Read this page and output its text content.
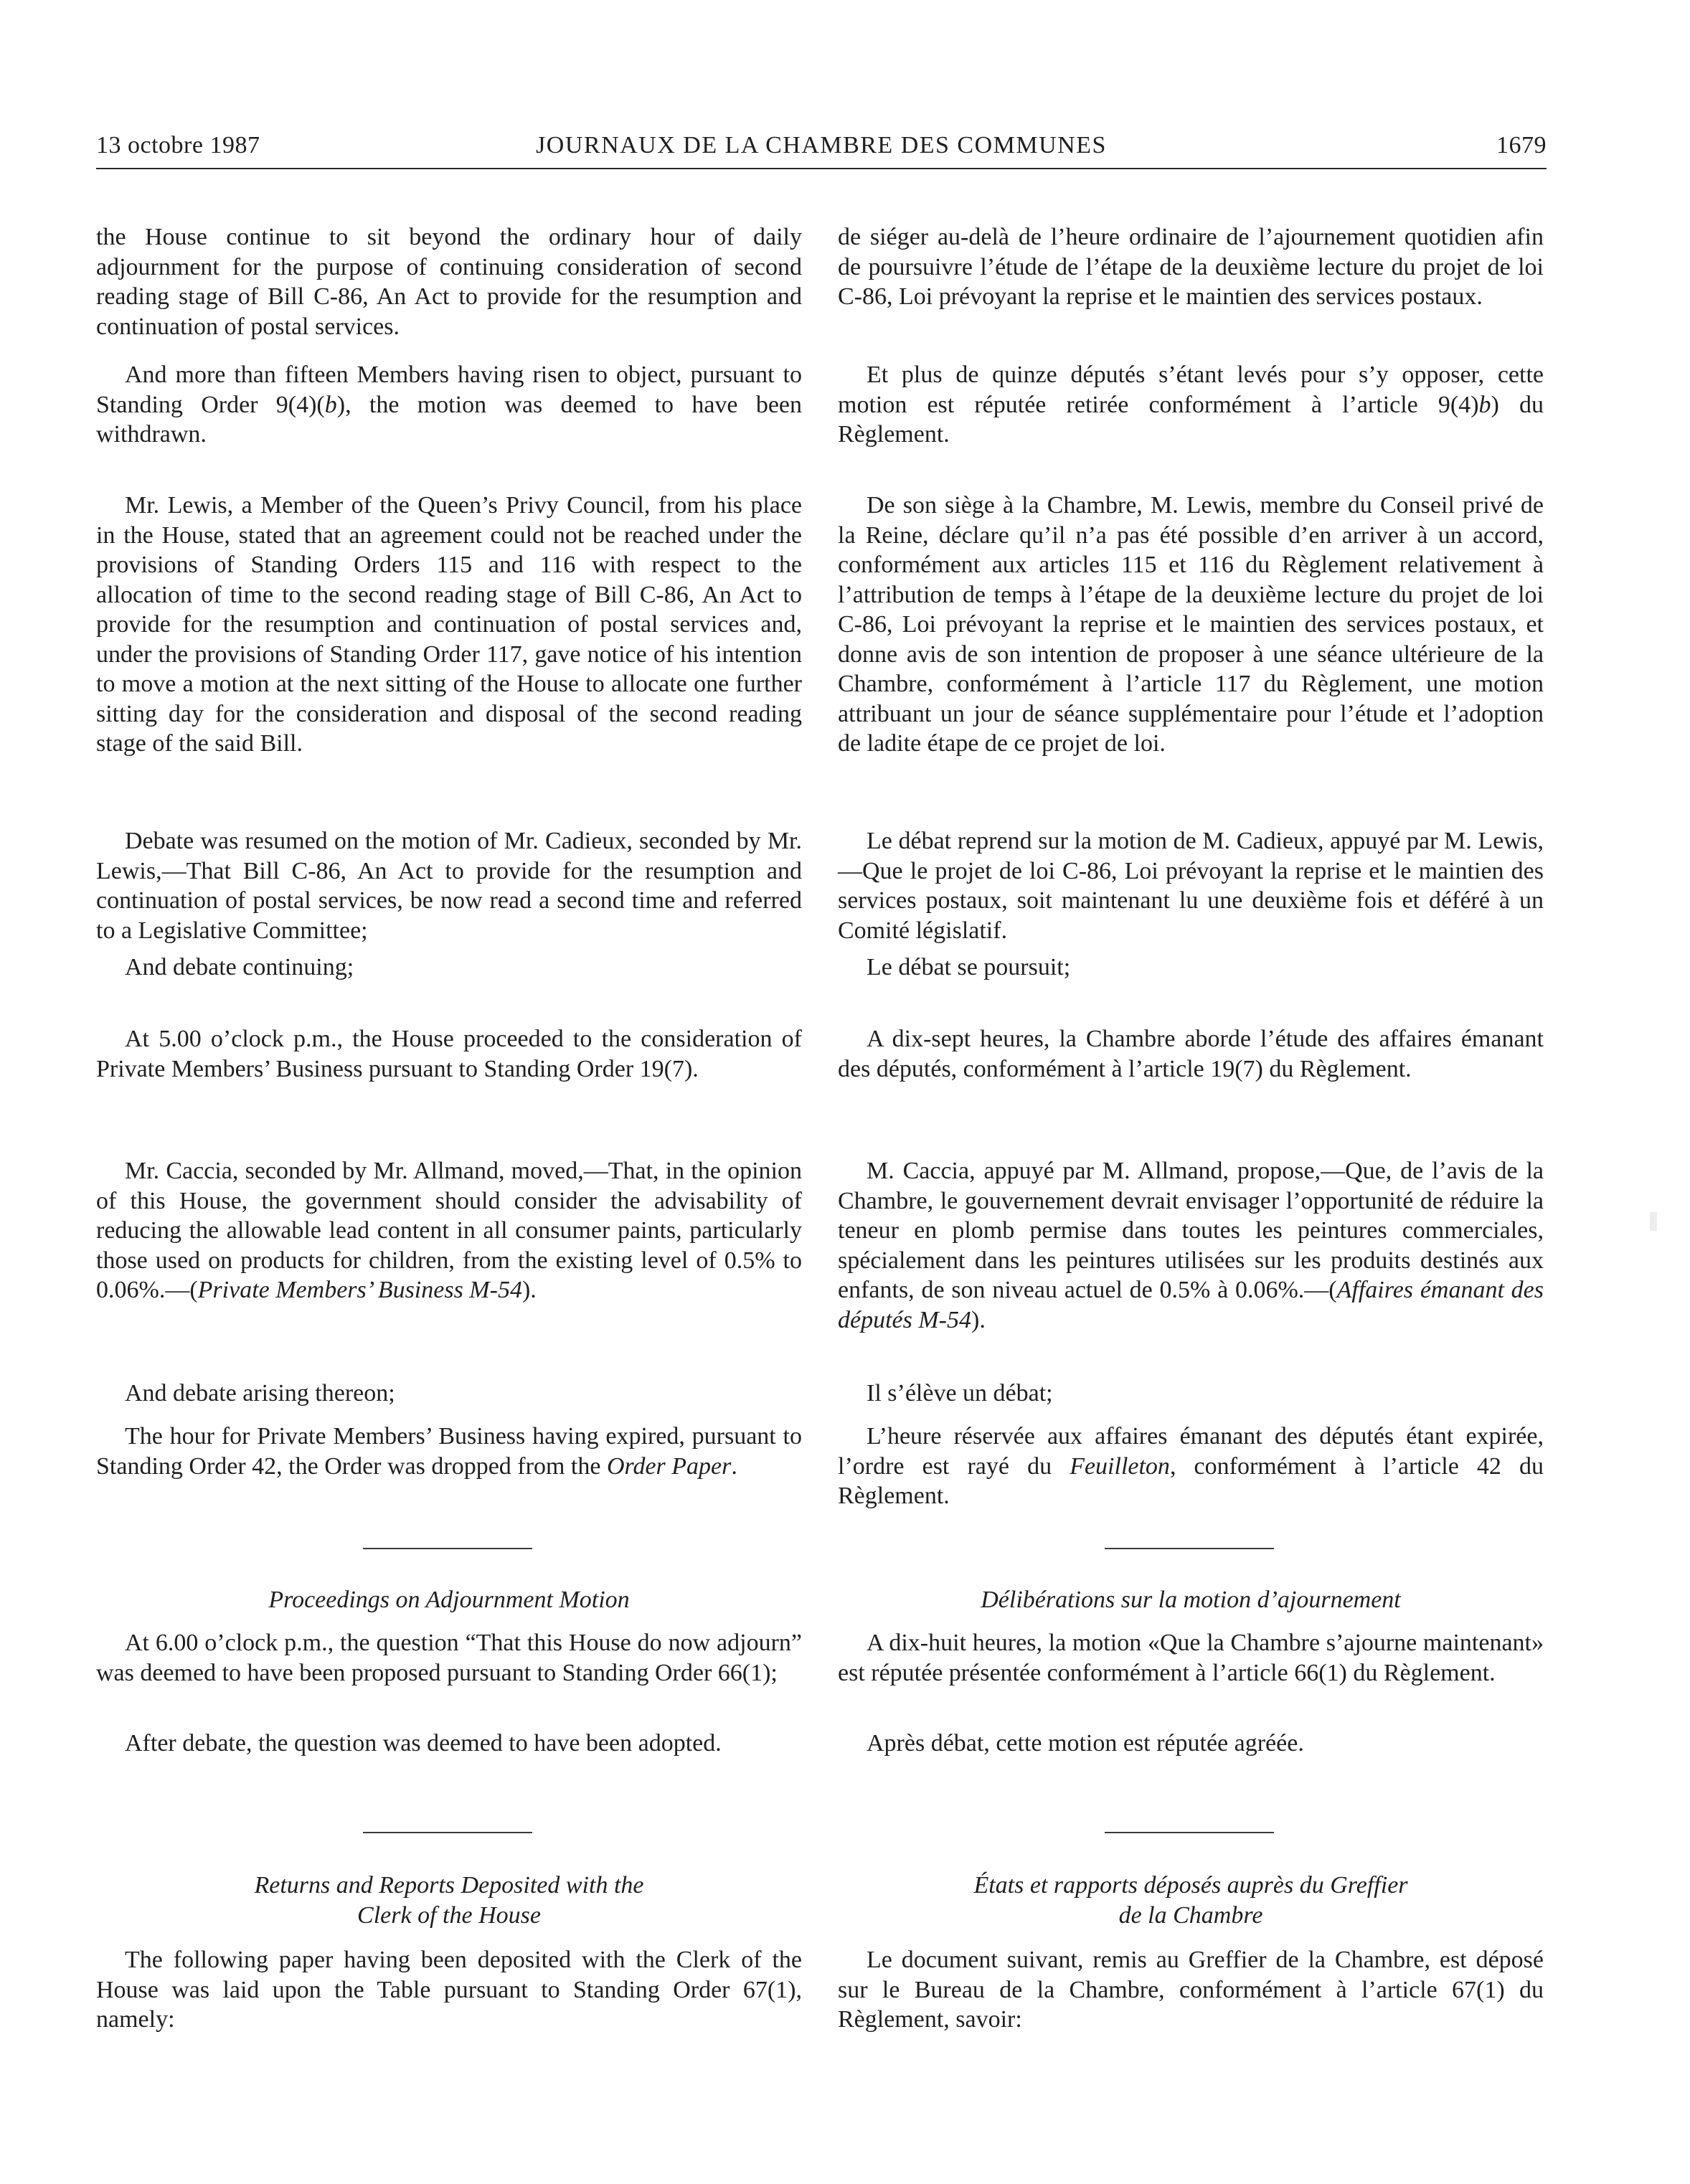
13 octobre 1987	JOURNAUX DE LA CHAMBRE DES COMMUNES	1679

the House continue to sit beyond the ordinary hour of daily adjournment for the purpose of continuing consideration of second reading stage of Bill C-86, An Act to provide for the resumption and continuation of postal services.

And more than fifteen Members having risen to object, pursuant to Standing Order 9(4)(b), the motion was deemed to have been withdrawn.

Mr. Lewis, a Member of the Queen’s Privy Council, from his place in the House, stated that an agreement could not be reached under the provisions of Standing Orders 115 and 116 with respect to the allocation of time to the second reading stage of Bill C-86, An Act to provide for the resumption and continuation of postal services and, under the provisions of Standing Order 117, gave notice of his intention to move a motion at the next sitting of the House to allocate one further sitting day for the consideration and disposal of the second reading stage of the said Bill.

Debate was resumed on the motion of Mr. Cadieux, seconded by Mr. Lewis,—That Bill C-86, An Act to provide for the resumption and continuation of postal services, be now read a second time and referred to a Legislative Committee;

And debate continuing;

At 5.00 o’clock p.m., the House proceeded to the consideration of Private Members’ Business pursuant to Standing Order 19(7).

Mr. Caccia, seconded by Mr. Allmand, moved,—That, in the opinion of this House, the government should consider the advisability of reducing the allowable lead content in all consumer paints, particularly those used on products for children, from the existing level of 0.5% to 0.06%.—(Private Members’ Business M-54).

And debate arising thereon;

The hour for Private Members’ Business having expired, pursuant to Standing Order 42, the Order was dropped from the Order Paper.

Proceedings on Adjournment Motion

At 6.00 o’clock p.m., the question “That this House do now adjourn” was deemed to have been proposed pursuant to Standing Order 66(1);

After debate, the question was deemed to have been adopted.

Returns and Reports Deposited with the
Clerk of the House

The following paper having been deposited with the Clerk of the House was laid upon the Table pursuant to Standing Order 67(1), namely:

de siéger au-delà de l’heure ordinaire de l’ajournement quotidien afin de poursuivre l’étude de l’étape de la deuxième lecture du projet de loi C-86, Loi prévoyant la reprise et le maintien des services postaux.

Et plus de quinze députés s’étant levés pour s’y opposer, cette motion est réputée retirée conformément à l’article 9(4)b) du Règlement.

De son siège à la Chambre, M. Lewis, membre du Conseil privé de la Reine, déclare qu’il n’a pas été possible d’en arriver à un accord, conformément aux articles 115 et 116 du Règlement relativement à l’attribution de temps à l’étape de la deuxième lecture du projet de loi C-86, Loi prévoyant la reprise et le maintien des services postaux, et donne avis de son intention de proposer à une séance ultérieure de la Chambre, conformément à l’article 117 du Règlement, une motion attribuant un jour de séance supplémentaire pour l’étude et l’adoption de ladite étape de ce projet de loi.

Le débat reprend sur la motion de M. Cadieux, appuyé par M. Lewis,—Que le projet de loi C-86, Loi prévoyant la reprise et le maintien des services postaux, soit maintenant lu une deuxième fois et déféré à un Comité législatif.

Le débat se poursuit;

A dix-sept heures, la Chambre aborde l’étude des affaires émanant des députés, conformément à l’article 19(7) du Règlement.

M. Caccia, appuyé par M. Allmand, propose,—Que, de l’avis de la Chambre, le gouvernement devrait envisager l’opportunité de réduire la teneur en plomb permise dans toutes les peintures commerciales, spécialement dans les peintures utilisées sur les produits destinés aux enfants, de son niveau actuel de 0.5% à 0.06%.—(Affaires émanant des députés M-54).

Il s’élève un débat;

L’heure réservée aux affaires émanant des députés étant expirée, l’ordre est rayé du Feuilleton, conformément à l’article 42 du Règlement.

Délibérations sur la motion d’ajournement

A dix-huit heures, la motion «Que la Chambre s’ajourne maintenant» est réputée présentée conformément à l’article 66(1) du Règlement.

Après débat, cette motion est réputée agréée.

États et rapports déposés auprès du Greffier
de la Chambre

Le document suivant, remis au Greffier de la Chambre, est déposé sur le Bureau de la Chambre, conformément à l’article 67(1) du Règlement, savoir:
